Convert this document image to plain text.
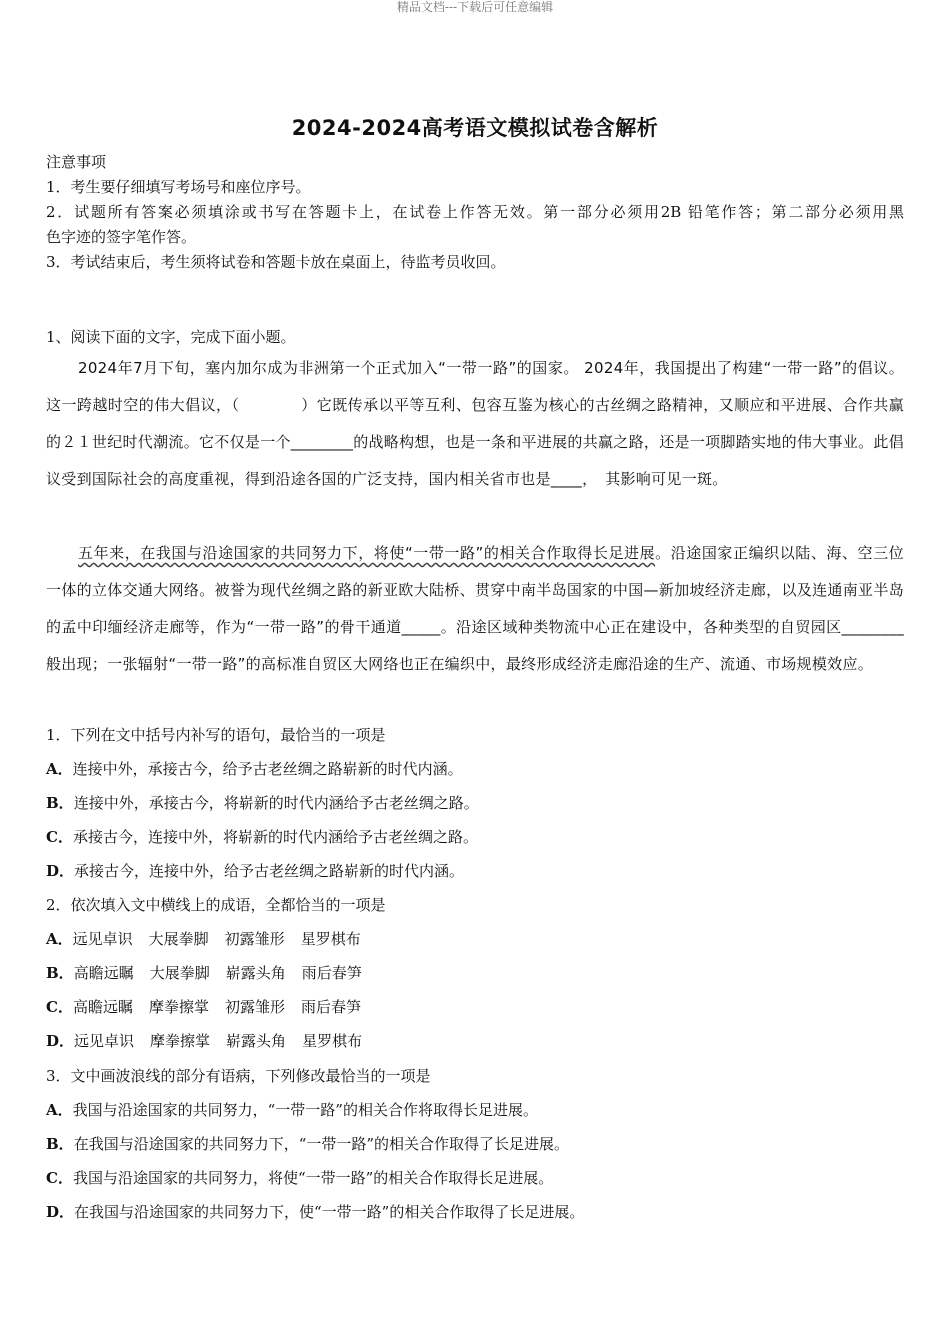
精品文档---下载后可任意编辑
2024-2024高考语文模拟试卷含解析
注意事项
1．考生要仔细填写考场号和座位序号。
2．试题所有答案必须填涂或书写在答题卡上，在试卷上作答无效。第一部分必须用2B 铅笔作答；第二部分必须用黑
色字迹的签字笔作答。
3．考试结束后，考生须将试卷和答题卡放在桌面上，待监考员收回。
1、阅读下面的文字，完成下面小题。
2024年7月下旬，塞内加尔成为非洲第一个正式加入“一带一路”的国家。 2024年，我国提出了构建“一带一路”的倡议。这一跨越时空的伟大倡议，（　　　　）它既传承以平等互利、包容互鉴为核心的古丝绸之路精神，又顺应和平进展、合作共赢的２１世纪时代潮流。它不仅是一个________的战略构想，也是一条和平进展的共赢之路，还是一项脚踏实地的伟大事业。此倡议受到国际社会的高度重视，得到沿途各国的广泛支持，国内相关省市也是____，　其影响可见一斑。
五年来，在我国与沿途国家的共同努力下，将使“一带一路”的相关合作取得长足进展。沿途国家正编织以陆、海、空三位一体的立体交通大网络。被誉为现代丝绸之路的新亚欧大陆桥、贯穿中南半岛国家的中国—新加坡经济走廊，以及连通南亚半岛的孟中印缅经济走廊等，作为“一带一路”的骨干通道_____。沿途区域种类物流中心正在建设中，各种类型的自贸园区________般出现；一张辐射“一带一路”的高标准自贸区大网络也正在编织中，最终形成经济走廊沿途的生产、流通、市场规模效应。
1．下列在文中括号内补写的语句，最恰当的一项是
A．连接中外，承接古今，给予古老丝绸之路崭新的时代内涵。
B．连接中外，承接古今，将崭新的时代内涵给予古老丝绸之路。
C．承接古今，连接中外，将崭新的时代内涵给予古老丝绸之路。
D．承接古今，连接中外，给予古老丝绸之路崭新的时代内涵。
2．依次填入文中横线上的成语，全都恰当的一项是
A．远见卓识 大展拳脚 初露雏形 星罗棋布
B．高瞻远瞩 大展拳脚 崭露头角 雨后春笋
C．高瞻远瞩 摩拳擦掌 初露雏形 雨后春笋
D．远见卓识 摩拳擦掌 崭露头角 星罗棋布
3．文中画波浪线的部分有语病，下列修改最恰当的一项是
A．我国与沿途国家的共同努力，“一带一路”的相关合作将取得长足进展。
B．在我国与沿途国家的共同努力下，“一带一路”的相关合作取得了长足进展。
C．我国与沿途国家的共同努力，将使“一带一路”的相关合作取得长足进展。
D．在我国与沿途国家的共同努力下，使“一带一路”的相关合作取得了长足进展。
